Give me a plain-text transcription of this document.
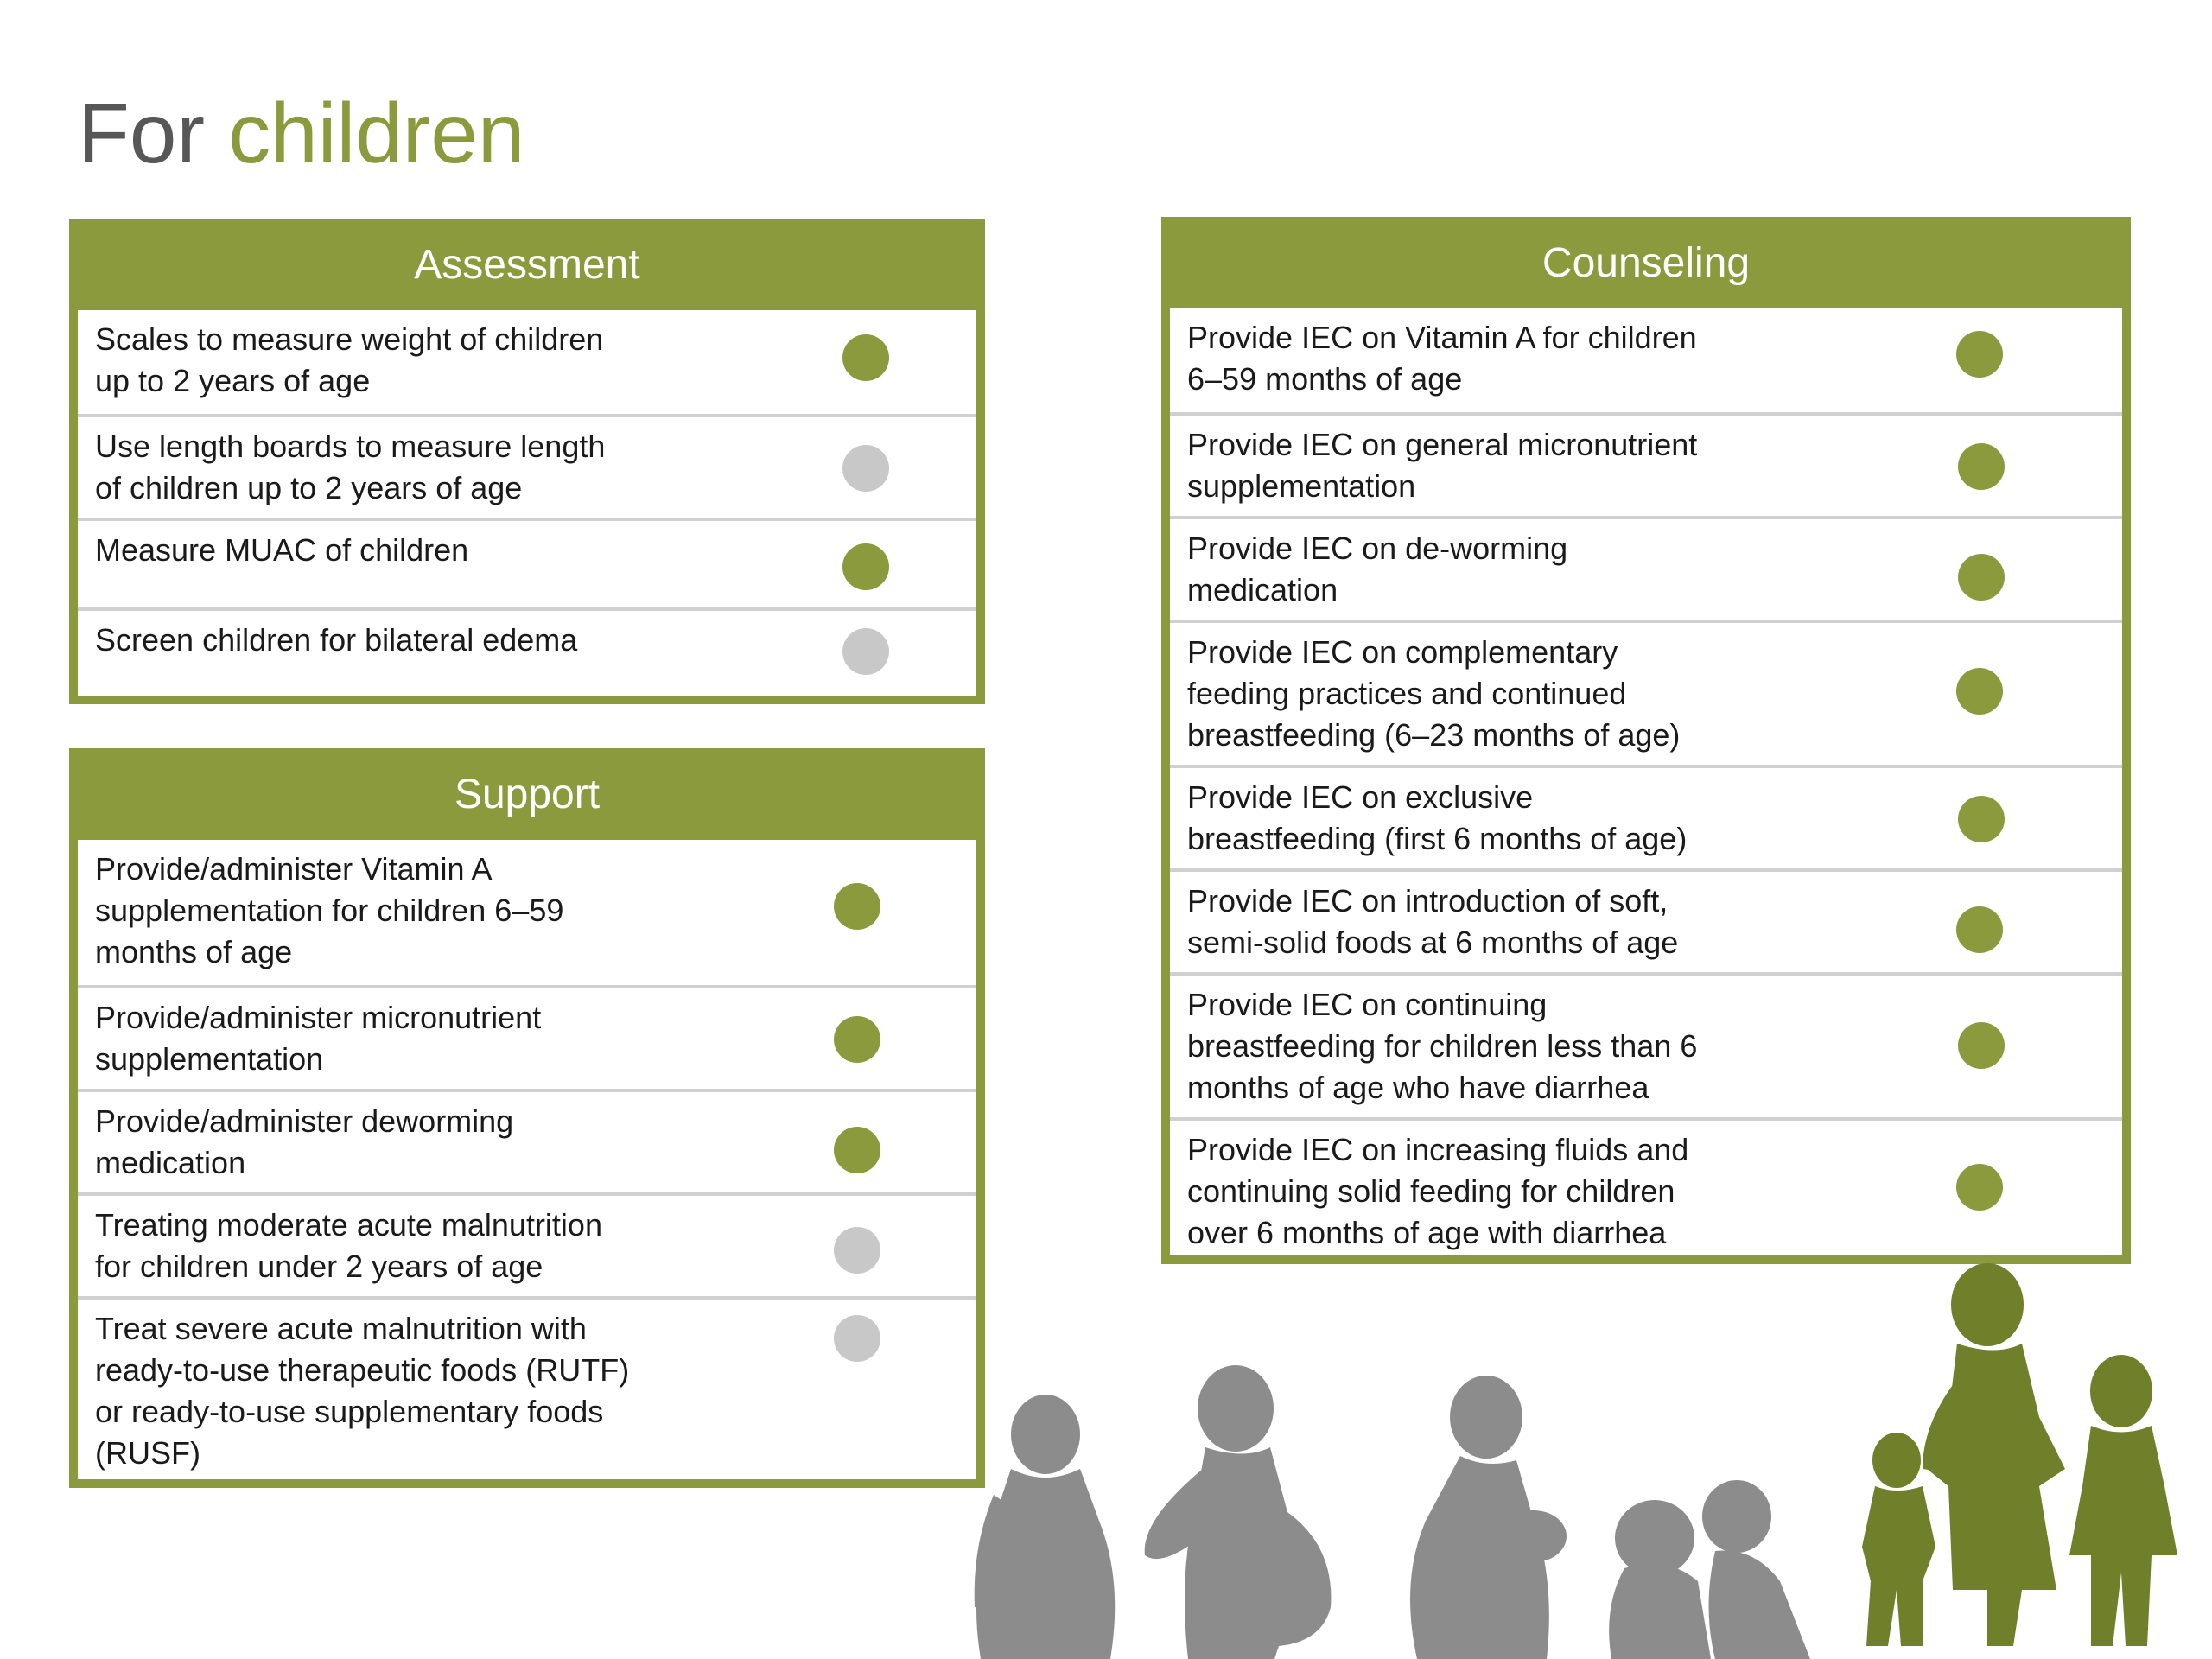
For children
Assessment
Scales to measure weight of children
up to 2 years of age
Use length boards to measure length
of children up to 2 years of age
Measure MUAC of children
Screen children for bilateral edema
Support
Provide/administer Vitamin A
supplementation for children 6–59
months of age
Provide/administer micronutrient
supplementation
Provide/administer deworming
medication
Treating moderate acute malnutrition
for children under 2 years of age
Treat severe acute malnutrition with
ready-to-use therapeutic foods (RUTF)
or ready-to-use supplementary foods
(RUSF)
Counseling
Provide IEC on Vitamin A for children
6–59 months of age
Provide IEC on general micronutrient
supplementation
Provide IEC on de-worming
medication
Provide IEC on complementary
feeding practices and continued
breastfeeding (6–23 months of age)
Provide IEC on exclusive
breastfeeding (first 6 months of age)
Provide IEC on introduction of soft,
semi-solid foods at 6 months of age
Provide IEC on continuing
breastfeeding for children less than 6
months of age who have diarrhea
Provide IEC on increasing fluids and
continuing solid feeding for children
over 6 months of age with diarrhea
